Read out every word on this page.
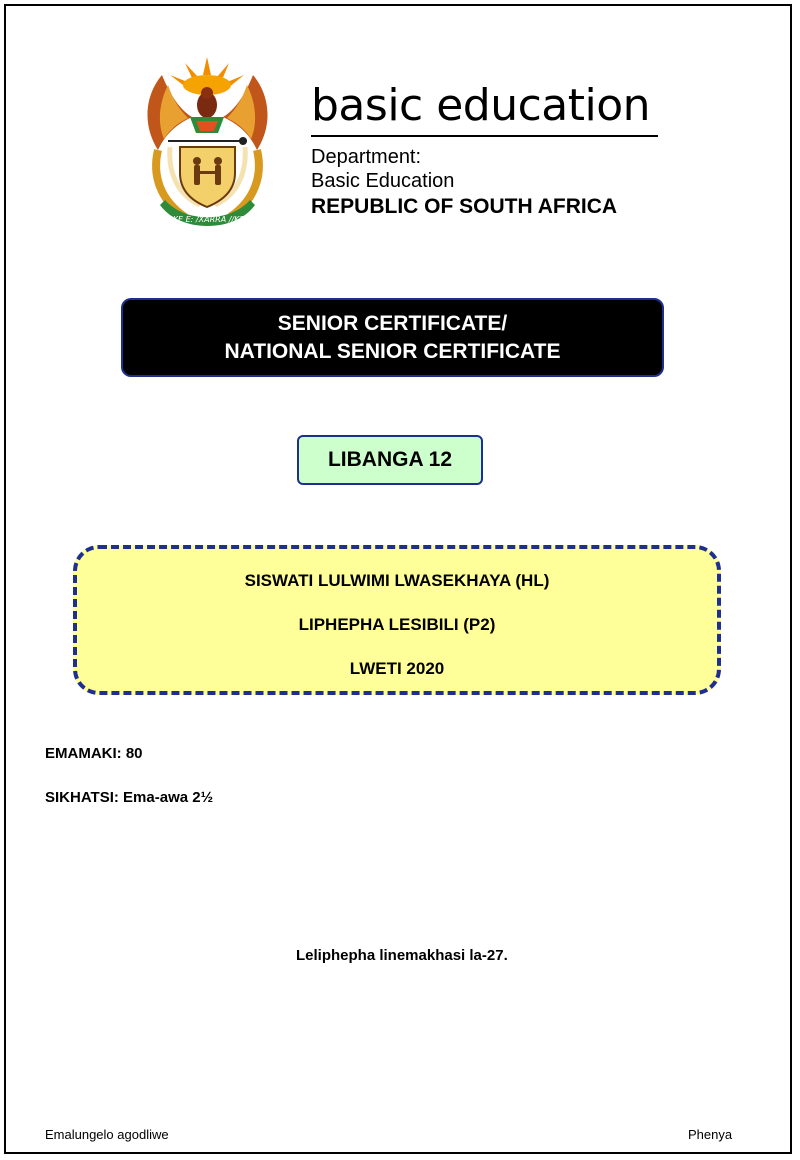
!KE E: /XARRA //KE
basic education
Department:
Basic Education
REPUBLIC OF SOUTH AFRICA
SENIOR CERTIFICATE/
NATIONAL SENIOR CERTIFICATE
LIBANGA 12
SISWATI LULWIMI LWASEKHAYA (HL)
LIPHEPHA LESIBILI (P2)
LWETI 2020
EMAMAKI: 80
SIKHATSI: Ema-awa 2½
Leliphepha linemakhasi la-27.
Emalungelo agodliwe	Phenya
